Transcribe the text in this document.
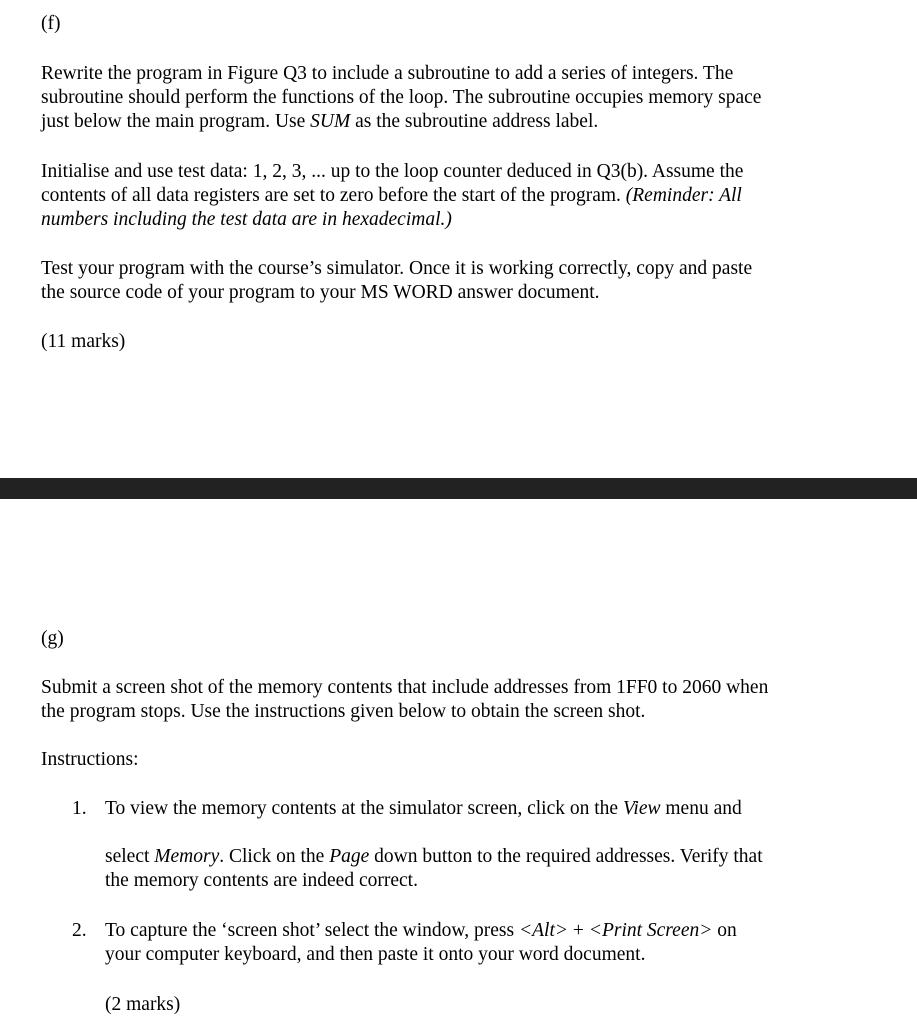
(f)

Rewrite the program in Figure Q3 to include a subroutine to add a series of integers. The

subroutine should perform the functions of the loop. The subroutine occupies memory space

just below the main program. Use SUM as the subroutine address label.

Initialise and use test data: 1, 2, 3, ... up to the loop counter deduced in Q3(b). Assume the

contents of all data registers are set to zero before the start of the program. (Reminder: All

numbers including the test data are in hexadecimal.)

Test your program with the course’s simulator. Once it is working correctly, copy and paste

the source code of your program to your MS WORD answer document.

(11 marks)
(g)

Submit a screen shot of the memory contents that include addresses from 1FF0 to 2060 when

the program stops. Use the instructions given below to obtain the screen shot.

Instructions:
1. To view the memory contents at the simulator screen, click on the View menu and

select Memory. Click on the Page down button to the required addresses. Verify that

the memory contents are indeed correct.

2. To capture the ‘screen shot’ select the window, press <Alt> + <Print Screen> on

your computer keyboard, and then paste it onto your word document.

(2 marks)
